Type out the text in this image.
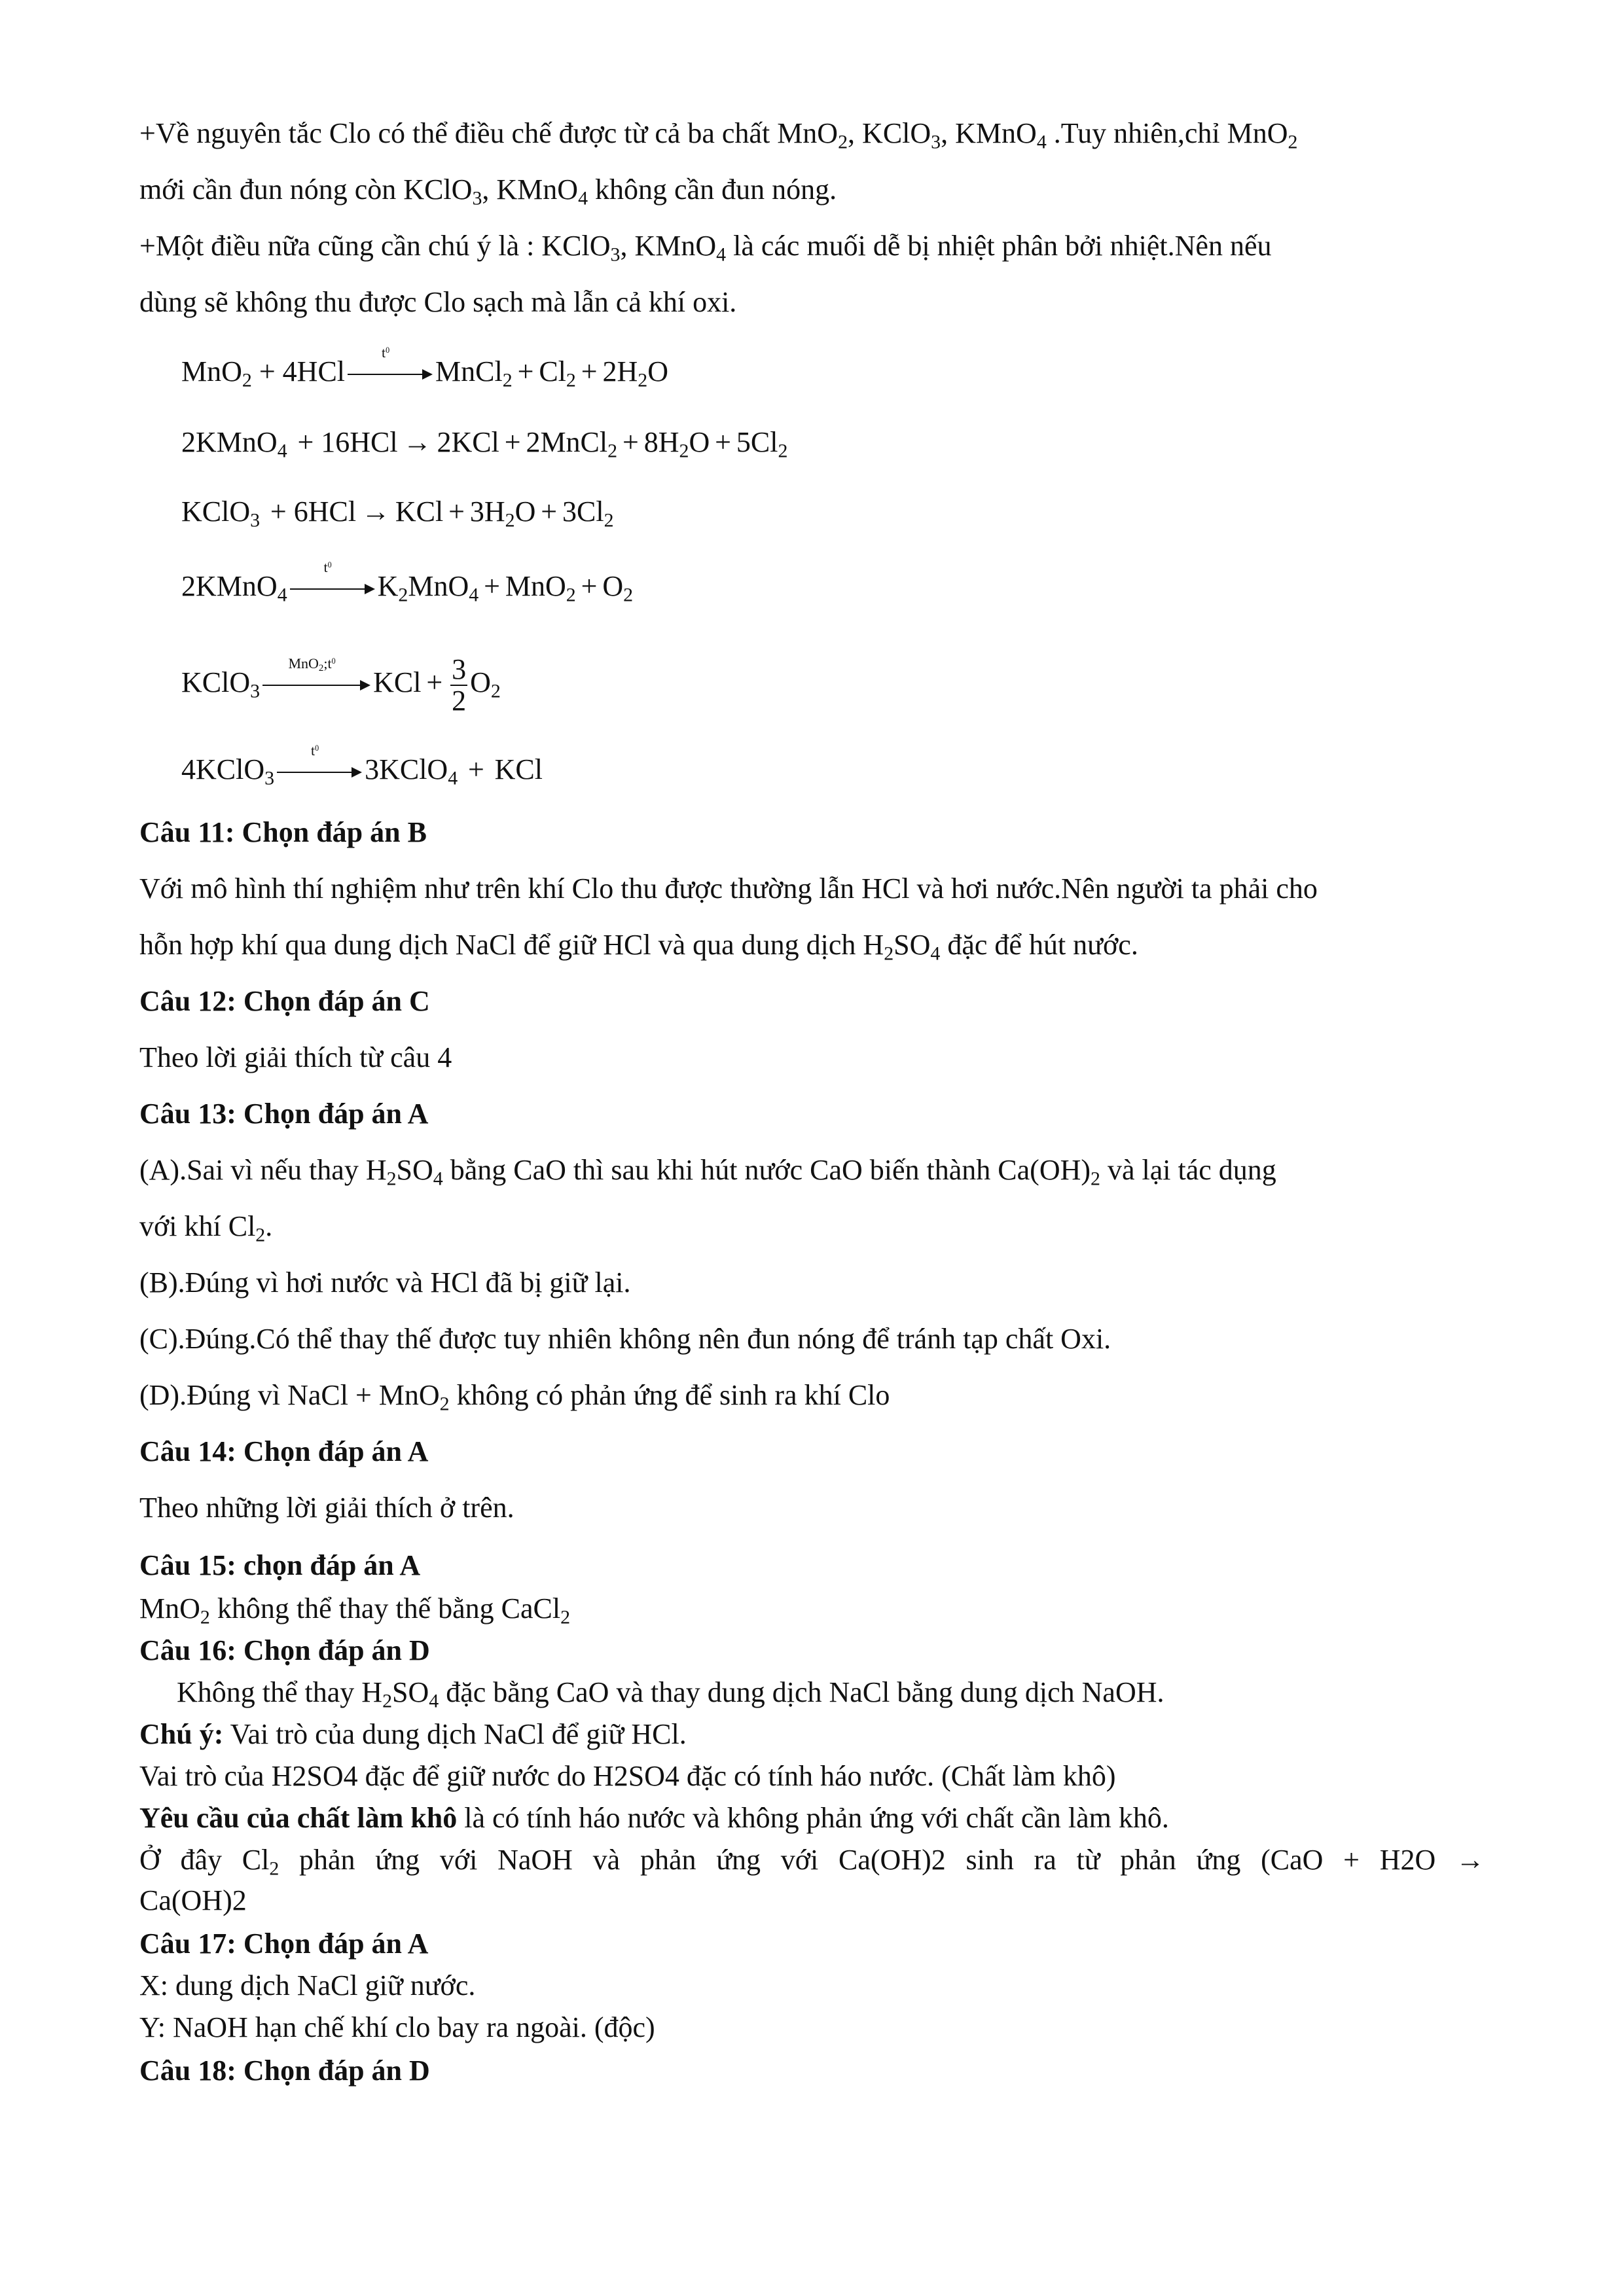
+Về nguyên tắc Clo có thể điều chế được từ cả ba chất MnO$_2$, KClO$_3$, KMnO$_4$ .Tuy nhiên,chỉ MnO$_2$
mới cần đun nóng còn KClO$_3$, KMnO$_4$ không cần đun nóng.
+Một điều nữa cũng cần chú ý là : KClO$_3$, KMnO$_4$ là các muối dễ bị nhiệt phân bởi nhiệt.Nên nếu
dùng sẽ không thu được Clo sạch mà lẫn cả khí oxi.
MnO$_2$ + 4HCl
$t^0$
MnCl$_2$ + $Cl_2 + 2H_2O$
2KMnO$_4$ + 16HCl → 2KCl + 2MnCl$_2$ + $8H_2O + 5Cl_2$
KClO$_3$ + 6HCl → KCl + $3H_2O + 3Cl_2$
2KMnO$_4$
$t^0$
$K_2MnO_4 + MnO_2 + O_2$
KClO$_3$
$MnO_2;t^0$
KCl + $\frac{3}{2} O_2$
4KClO$_3$
$t^0$
3KClO$_4$ + KCl
Câu 11: Chọn đáp án B
Với mô hình thí nghiệm như trên khí Clo thu được thường lẫn HCl và hơi nước.Nên người ta phải cho
hỗn hợp khí qua dung dịch NaCl để giữ HCl và qua dung dịch $H_2SO_4$ đặc để hút nước.
Câu 12: Chọn đáp án C
Theo lời giải thích từ câu 4
Câu 13: Chọn đáp án A
(A).Sai vì nếu thay $H_2SO_4$ bằng CaO thì sau khi hút nước CaO biến thành $Ca(OH)_2$ và lại tác dụng
với khí $Cl_2$.
(B).Đúng vì hơi nước và HCl đã bị giữ lại.
(C).Đúng.Có thể thay thế được tuy nhiên không nên đun nóng để tránh tạp chất Oxi.
(D).Đúng vì NaCl + MnO$_2$ không có phản ứng để sinh ra khí Clo
Câu 14: Chọn đáp án A
Theo những lời giải thích ở trên.
Câu 15: chọn đáp án A
MnO$_2$ không thể thay thế bằng CaCl$_2$
Câu 16: Chọn đáp án D
Không thể thay $H_2SO_4$ đặc bằng CaO và thay dung dịch NaCl bằng dung dịch NaOH.
Chú ý: Vai trò của dung dịch NaCl để giữ HCl.
Vai trò của H2SO4 đặc để giữ nước do H2SO4 đặc có tính háo nước. (Chất làm khô)
Yêu cầu của chất làm khô là có tính háo nước và không phản ứng với chất cần làm khô.
Ở đây $Cl_2$ phản ứng với NaOH và phản ứng với Ca(OH)2 sinh ra từ phản ứng (CaO + H2O →
Ca(OH)2
Câu 17: Chọn đáp án A
X: dung dịch NaCl giữ nước.
Y: NaOH hạn chế khí clo bay ra ngoài. (độc)
Câu 18: Chọn đáp án D
